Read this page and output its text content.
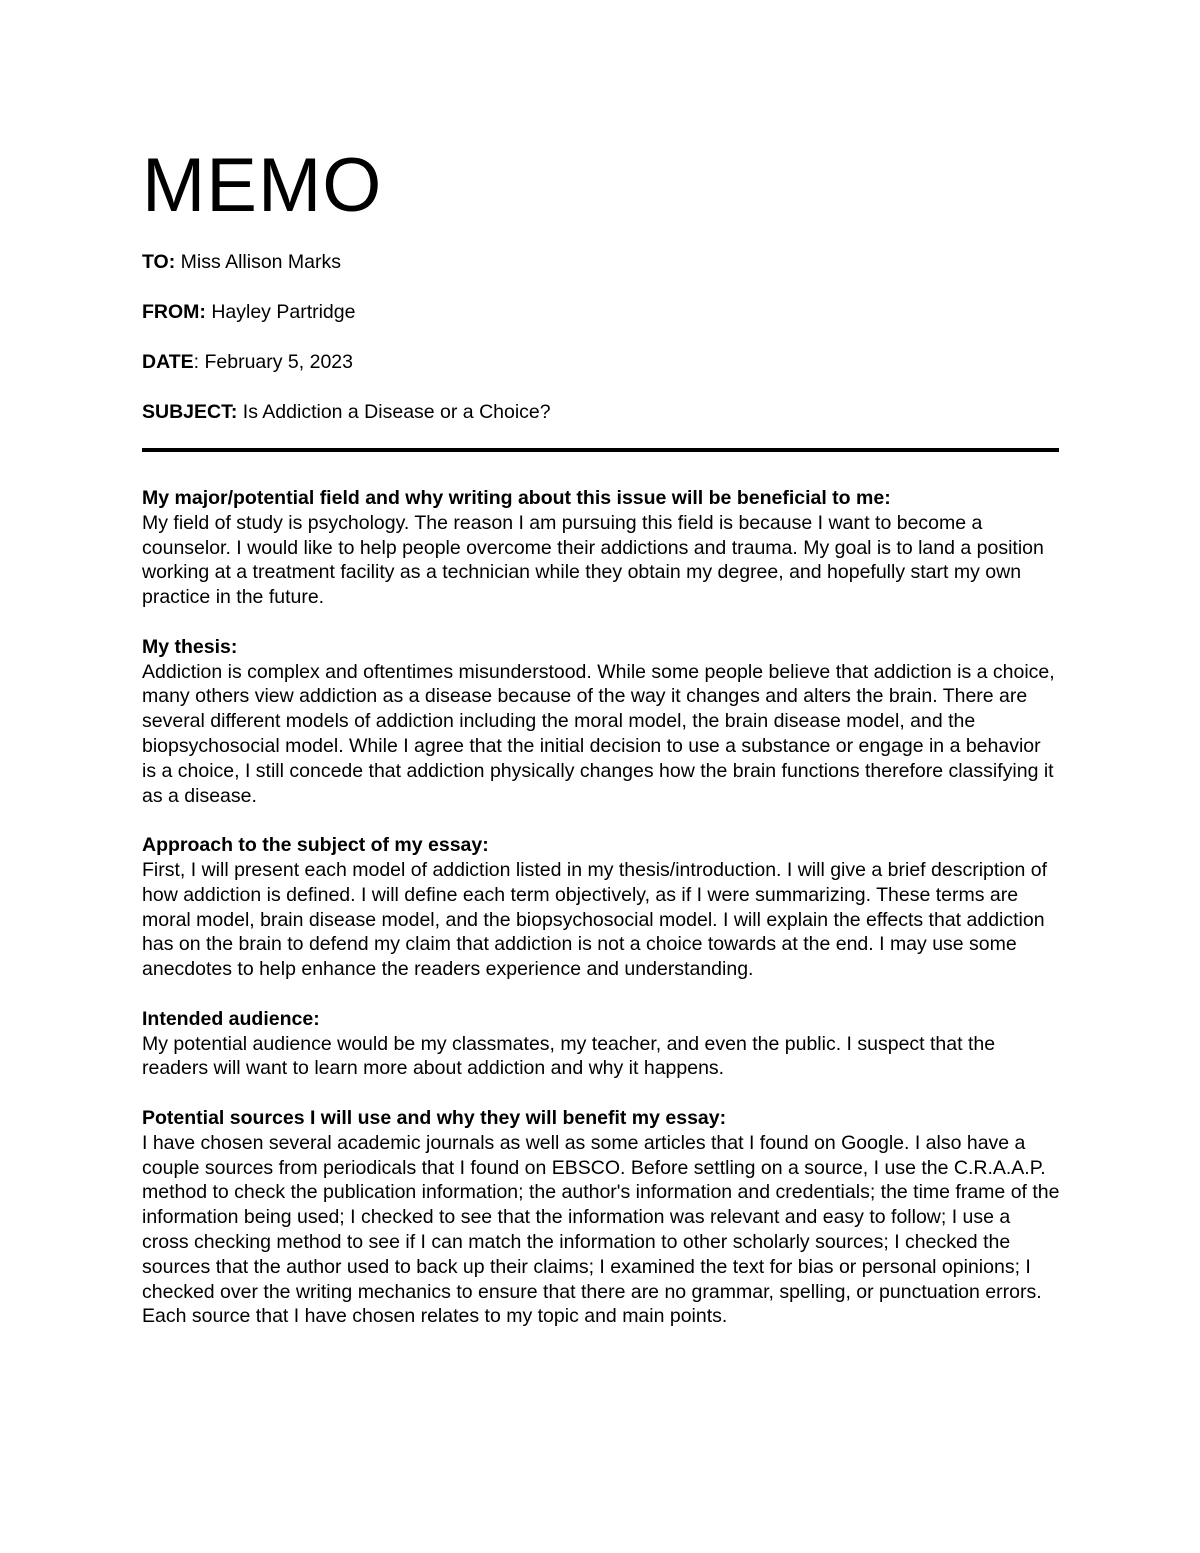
MEMO
TO: Miss Allison Marks
FROM: Hayley Partridge
DATE: February 5, 2023
SUBJECT: Is Addiction a Disease or a Choice?

My major/potential field and why writing about this issue will be beneficial to me:

My field of study is psychology. The reason I am pursuing this field is because I want to become a counselor. I would like to help people overcome their addictions and trauma. My goal is to land a position working at a treatment facility as a technician while they obtain my degree, and hopefully start my own practice in the future.

My thesis:

Addiction is complex and oftentimes misunderstood. While some people believe that addiction is a choice, many others view addiction as a disease because of the way it changes and alters the brain. There are several different models of addiction including the moral model, the brain disease model, and the biopsychosocial model. While I agree that the initial decision to use a substance or engage in a behavior is a choice, I still concede that addiction physically changes how the brain functions therefore classifying it as a disease.

Approach to the subject of my essay:

First, I will present each model of addiction listed in my thesis/introduction. I will give a brief description of how addiction is defined. I will define each term objectively, as if I were summarizing. These terms are moral model, brain disease model, and the biopsychosocial model. I will explain the effects that addiction has on the brain to defend my claim that addiction is not a choice towards at the end. I may use some anecdotes to help enhance the readers experience and understanding.

Intended audience:

My potential audience would be my classmates, my teacher, and even the public. I suspect that the readers will want to learn more about addiction and why it happens.

Potential sources I will use and why they will benefit my essay:

I have chosen several academic journals as well as some articles that I found on Google. I also have a couple sources from periodicals that I found on EBSCO. Before settling on a source, I use the C.R.A.A.P. method to check the publication information; the author's information and credentials; the time frame of the information being used; I checked to see that the information was relevant and easy to follow; I use a cross checking method to see if I can match the information to other scholarly sources; I checked the sources that the author used to back up their claims; I examined the text for bias or personal opinions; I checked over the writing mechanics to ensure that there are no grammar, spelling, or punctuation errors. Each source that I have chosen relates to my topic and main points.
